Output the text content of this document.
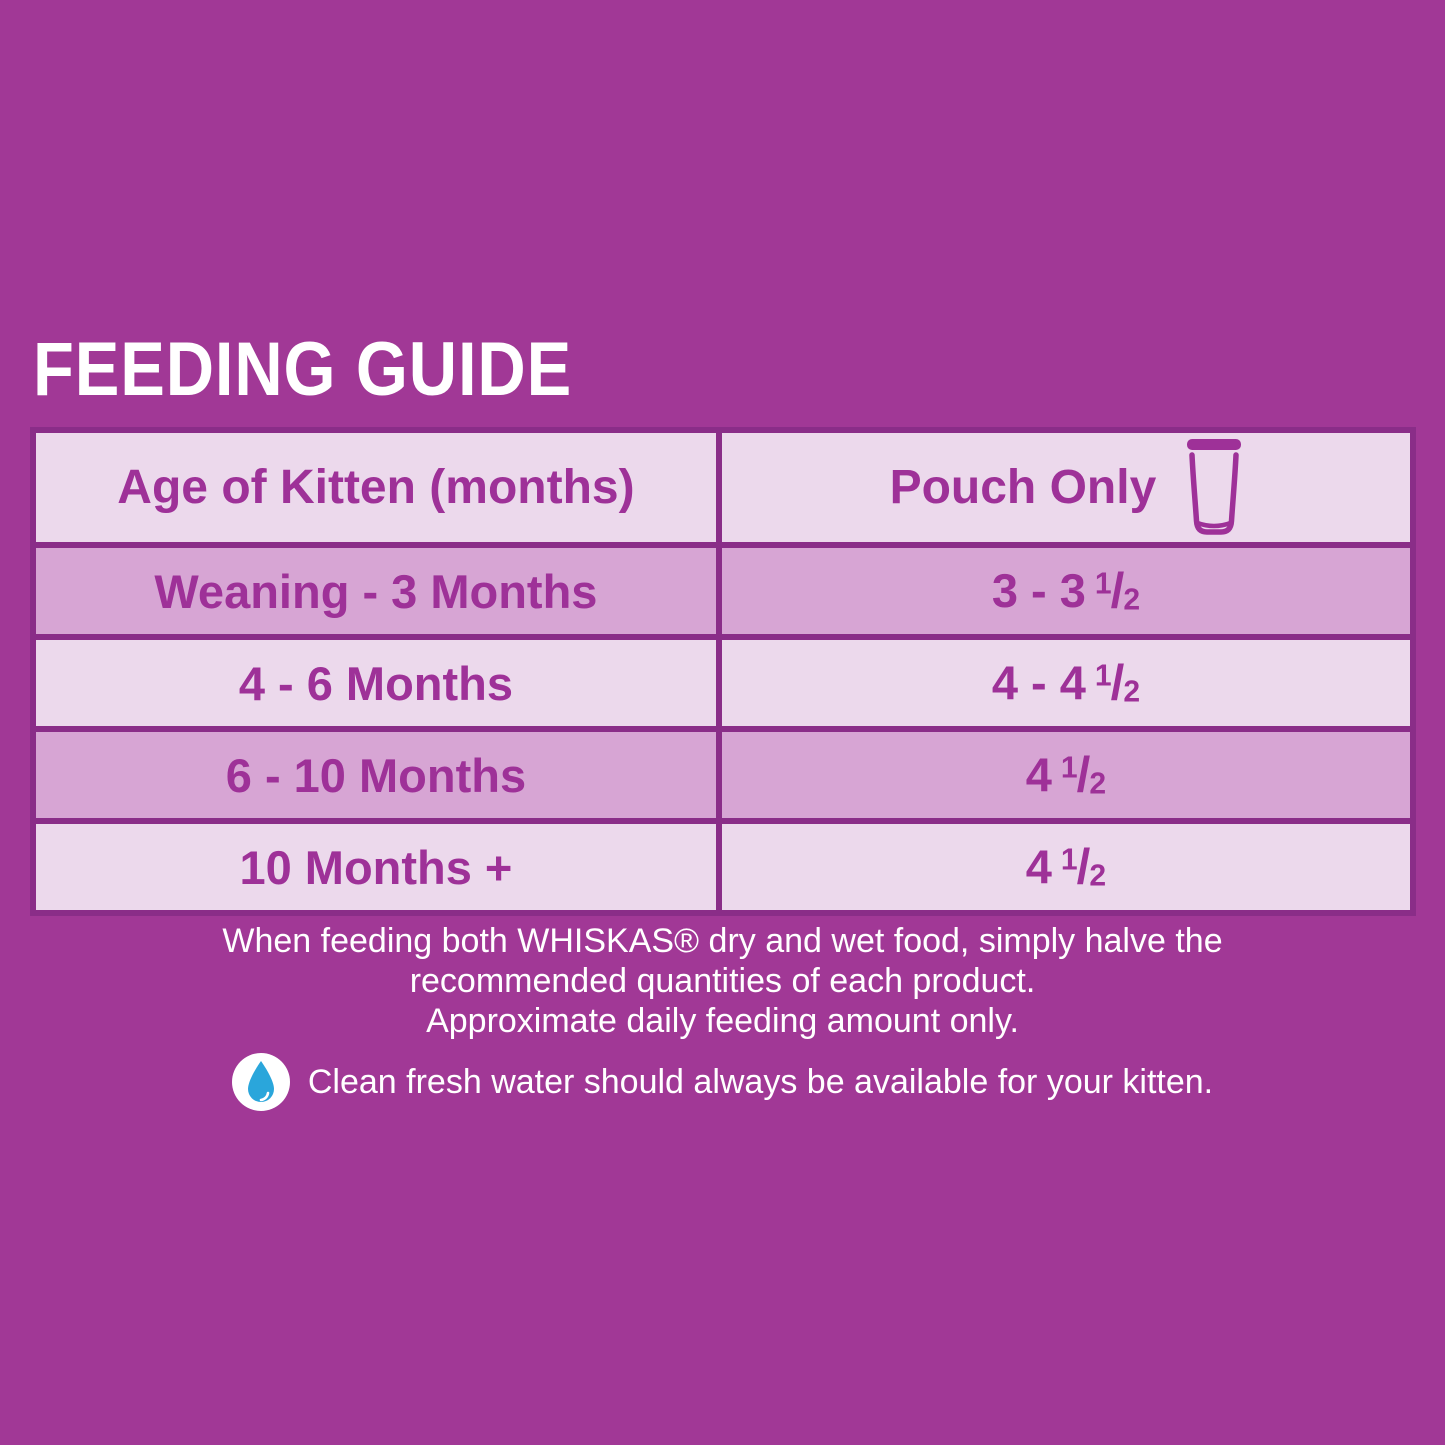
FEEDING GUIDE
Age of Kitten (months)	Pouch Only

Weaning - 3 Months	3 - 3 $^1$/2
4 - 6 Months	4 - 4 $^1$/2
6 - 10 Months	4 $^1$/2
10 Months +	4 $^1$/2
When feeding both WHISKAS® dry and wet food, simply halve the
recommended quantities of each product.
Approximate daily feeding amount only.
Clean fresh water should always be available for your kitten.
